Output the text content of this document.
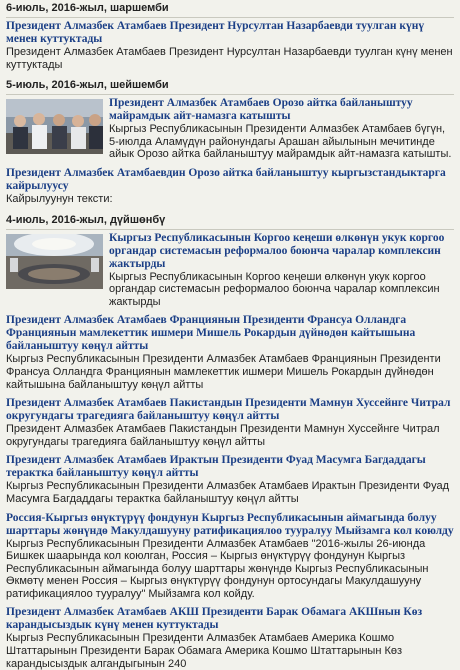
6-июль, 2016-жыл, шаршемби
Президент Алмазбек Атамбаев Президент Нурсултан Назарбаевди туулган күнү менен куттуктады
Президент Алмазбек Атамбаев Президент Нурсултан Назарбаевди туулган күнү менен куттуктады
5-июль, 2016-жыл, шейшемби
Президент Алмазбек Атамбаев Орозо айтка байланыштуу майрамдык айт-намазга катышты
Кыргыз Республикасынын Президенти Алмазбек Атамбаев бүгүн, 5-июлда Аламүдүн районундагы Арашан айылынын мечитинде айык Орозо айтка байланыштуу майрамдык айт-намазга катышты.
Президент Алмазбек Атамбаевдин Орозо айтка байланыштуу кыргызстандыктарга кайрылуусу
Кайрылуунун тексти:
4-июль, 2016-жыл, дүйшөнбү
Кыргыз Республикасынын Коргоо кеңеши өлкөнүн укук коргоо органдар системасын реформалоо боюнча чаралар комплексин жактырды
Кыргыз Республикасынын Коргоо кеңеши өлкөнүн укук коргоо органдар системасын реформалоо боюнча чаралар комплексин жактырды
Президент Алмазбек Атамбаев Франциянын Президенти Франсуа Олландга Франциянын мамлекеттик ишмери Мишель Рокардын дүйнөдөн кайтышына байланыштуу көңүл айтты
Кыргыз Республикасынын Президенти Алмазбек Атамбаев Франциянын Президенти Франсуа Олландга Франциянын мамлекеттик ишмери Мишель Рокардын дүйнөдөн кайтышына байланыштуу көңүл айтты
Президент Алмазбек Атамбаев Пакистандын Президенти Мамнун Хуссейнге Читрал округундагы трагедияга байланыштуу көңүл айтты
Президент Алмазбек Атамбаев Пакистандын Президенти Мамнун Хуссейнге Читрал округундагы трагедияга байланыштуу көңүл айтты
Президент Алмазбек Атамбаев Ирактын Президенти Фуад Масумга Багдаддагы терактка байланыштуу көңүл айтты
Кыргыз Республикасынын Президенти Алмазбек Атамбаев Ирактын Президенти Фуад Масумга Багдаддагы терактка байланыштуу көңүл айтты
Россия-Кыргыз өнүктүрүү фондунун Кыргыз Республикасынын аймагында болуу шарттары жөнүндө Макулдашууну ратификациялоо тууралуу Мыйзамга кол коюлду
Кыргыз Республикасынын Президенти Алмазбек Атамбаев "2016-жылы 26-июнда Бишкек шаарында кол коюлган, Россия – Кыргыз өнүктүрүү фондунун Кыргыз Республикасынын аймагында болуу шарттары жөнүндө Кыргыз Республикасынын Өкмөтү менен Россия – Кыргыз өнүктүрүү фондунун ортосундагы Макулдашууну ратификациялоо тууралуу" Мыйзамга кол койду.
Президент Алмазбек Атамбаев АКШ Президенти Барак Обамага АКШнын Көз карандысыздык күнү менен куттуктады
Кыргыз Республикасынын Президенти Алмазбек Атамбаев Америка Кошмо Штаттарынын Президенти Барак Обамага Америка Кошмо Штаттарынын Көз карандысыздык алгандыгынын 240
